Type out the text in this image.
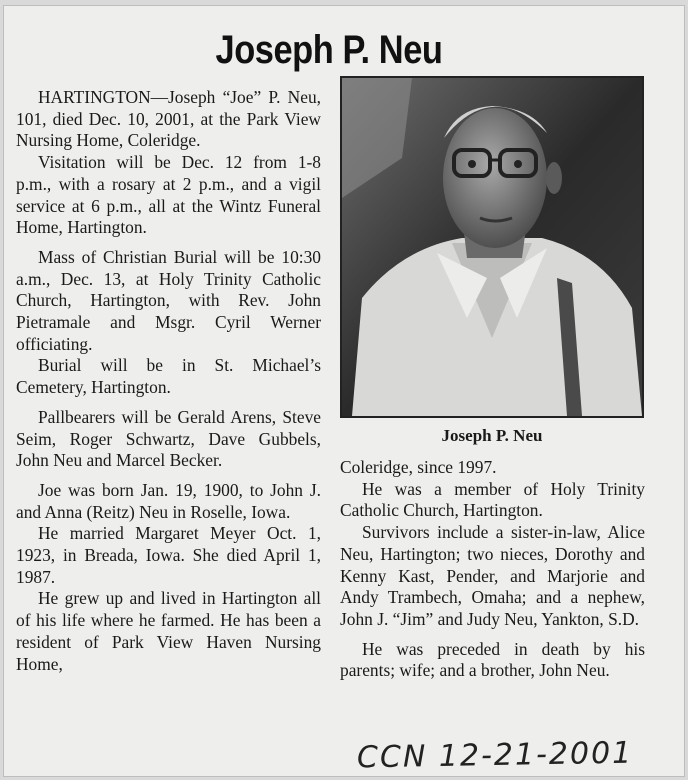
Joseph P. Neu

HARTINGTON—Joseph “Joe” P. Neu, 101, died Dec. 10, 2001, at the Park View Nursing Home, Coleridge.

Visitation will be Dec. 12 from 1-8 p.m., with a rosary at 2 p.m., and a vigil service at 6 p.m., all at the Wintz Funeral Home, Hartington.

Mass of Christian Burial will be 10:30 a.m., Dec. 13, at Holy Trinity Catholic Church, Hartington, with Rev. John Pietramale and Msgr. Cyril Werner officiating.

Burial will be in St. Michael’s Cemetery, Hartington.

Pallbearers will be Gerald Arens, Steve Seim, Roger Schwartz, Dave Gubbels, John Neu and Marcel Becker.

Joe was born Jan. 19, 1900, to John J. and Anna (Reitz) Neu in Roselle, Iowa.

He married Margaret Meyer Oct. 1, 1923, in Breada, Iowa. She died April 1, 1987.

He grew up and lived in Hartington all of his life where he farmed. He has been a resident of Park View Haven Nursing Home,

Joseph P. Neu

Coleridge, since 1997.

He was a member of Holy Trinity Catholic Church, Hartington.

Survivors include a sister-in-law, Alice Neu, Hartington; two nieces, Dorothy and Kenny Kast, Pender, and Marjorie and Andy Trambech, Omaha; and a nephew, John J. “Jim” and Judy Neu, Yankton, S.D.

He was preceded in death by his parents; wife; and a brother, John Neu.

CCN 12-21-2001
